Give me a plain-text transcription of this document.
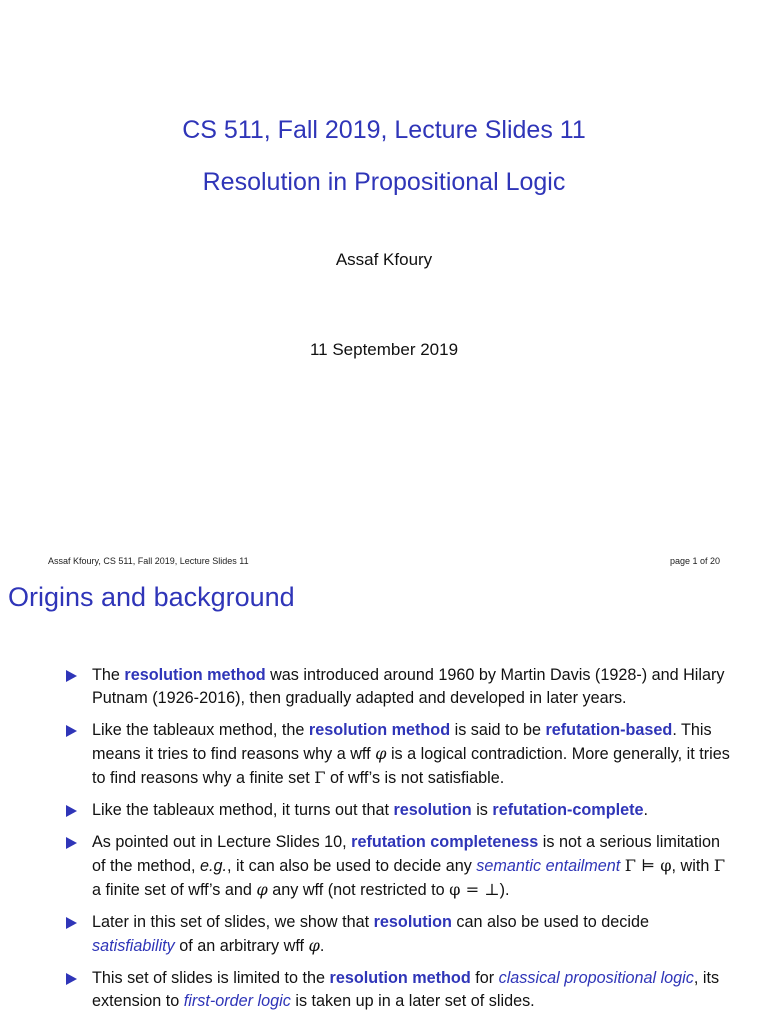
CS 511, Fall 2019, Lecture Slides 11
Resolution in Propositional Logic
Assaf Kfoury
11 September 2019
Assaf Kfoury, CS 511, Fall 2019, Lecture Slides 11	page 1 of 20
Origins and background
The resolution method was introduced around 1960 by Martin Davis (1928-) and Hilary Putnam (1926-2016), then gradually adapted and developed in later years.
Like the tableaux method, the resolution method is said to be refutation-based. This means it tries to find reasons why a wff φ is a logical contradiction. More generally, it tries to find reasons why a finite set Γ of wff’s is not satisfiable.
Like the tableaux method, it turns out that resolution is refutation-complete.
As pointed out in Lecture Slides 10, refutation completeness is not a serious limitation of the method, e.g., it can also be used to decide any semantic entailment Γ ⊨ φ, with Γ a finite set of wff’s and φ any wff (not restricted to φ = ⊥).
Later in this set of slides, we show that resolution can also be used to decide satisfiability of an arbitrary wff φ.
This set of slides is limited to the resolution method for classical propositional logic, its extension to first-order logic is taken up in a later set of slides.
